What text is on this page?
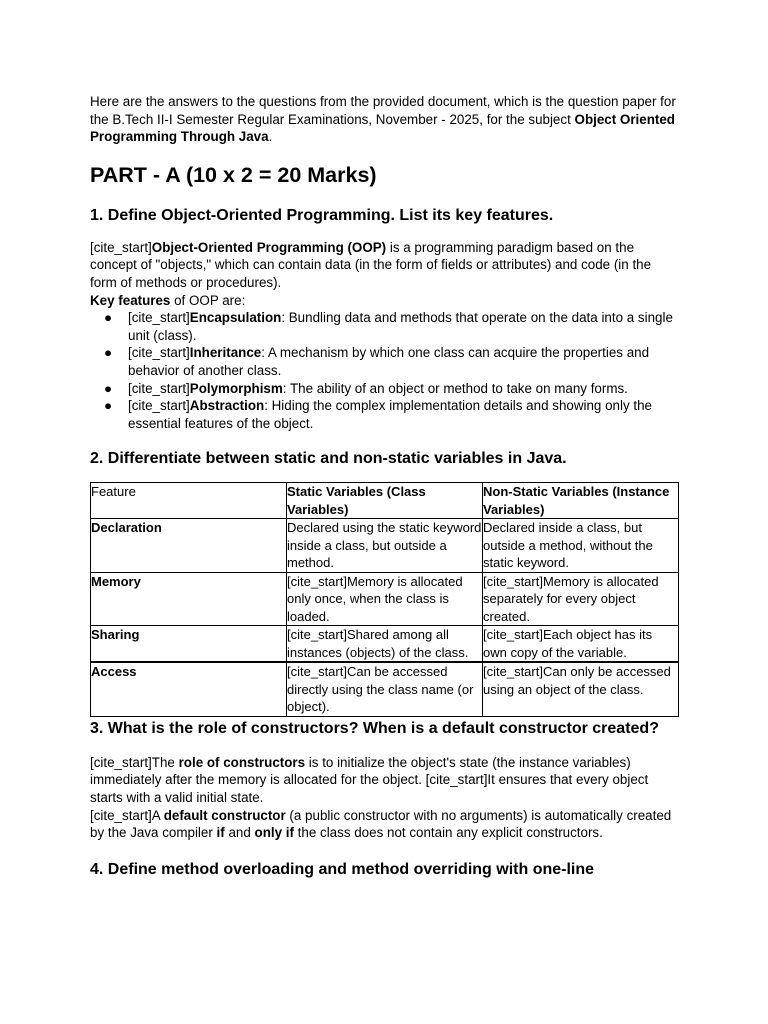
Here are the answers to the questions from the provided document, which is the question paper for the B.Tech II-I Semester Regular Examinations, November - 2025, for the subject Object Oriented Programming Through Java.

PART - A (10 x 2 = 20 Marks)
1. Define Object-Oriented Programming. List its key features.

[cite_start]Object-Oriented Programming (OOP) is a programming paradigm based on the concept of "objects," which can contain data (in the form of fields or attributes) and code (in the form of methods or procedures).

Key features of OOP are:

● [cite_start]Encapsulation: Bundling data and methods that operate on the data into a single unit (class).
● [cite_start]Inheritance: A mechanism by which one class can acquire the properties and behavior of another class.
● [cite_start]Polymorphism: The ability of an object or method to take on many forms.
● [cite_start]Abstraction: Hiding the complex implementation details and showing only the essential features of the object.
2. Differentiate between static and non-static variables in Java.
Feature	Static Variables (Class Variables)	Non-Static Variables (Instance Variables)
Declaration	Declared using the static keyword inside a class, but outside a method.	Declared inside a class, but outside a method, without the static keyword.
Memory	[cite_start]Memory is allocated only once, when the class is loaded.	[cite_start]Memory is allocated separately for every object created.
Sharing	[cite_start]Shared among all instances (objects) of the class.	[cite_start]Each object has its own copy of the variable.
Access	[cite_start]Can be accessed directly using the class name (or object).	[cite_start]Can only be accessed using an object of the class.
3. What is the role of constructors? When is a default constructor created?

[cite_start]The role of constructors is to initialize the object's state (the instance variables) immediately after the memory is allocated for the object. [cite_start]It ensures that every object starts with a valid initial state.

[cite_start]A default constructor (a public constructor with no arguments) is automatically created by the Java compiler if and only if the class does not contain any explicit constructors.

4. Define method overloading and method overriding with one-line
